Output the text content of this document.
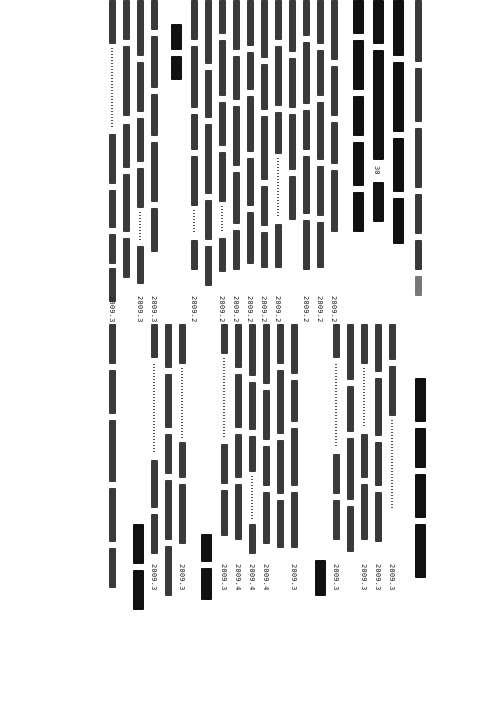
2009.3	2009.3 2009.3	2009.2	2009.2 2009.2 2009.2 2009.2 2009.2	2009.2 2009.2 2009.2
30
2009.3	2009.3	2009.3 2009.4 2009.4 2009.4	2009.3	2009.3	2009.3 2009.3 2009.3
